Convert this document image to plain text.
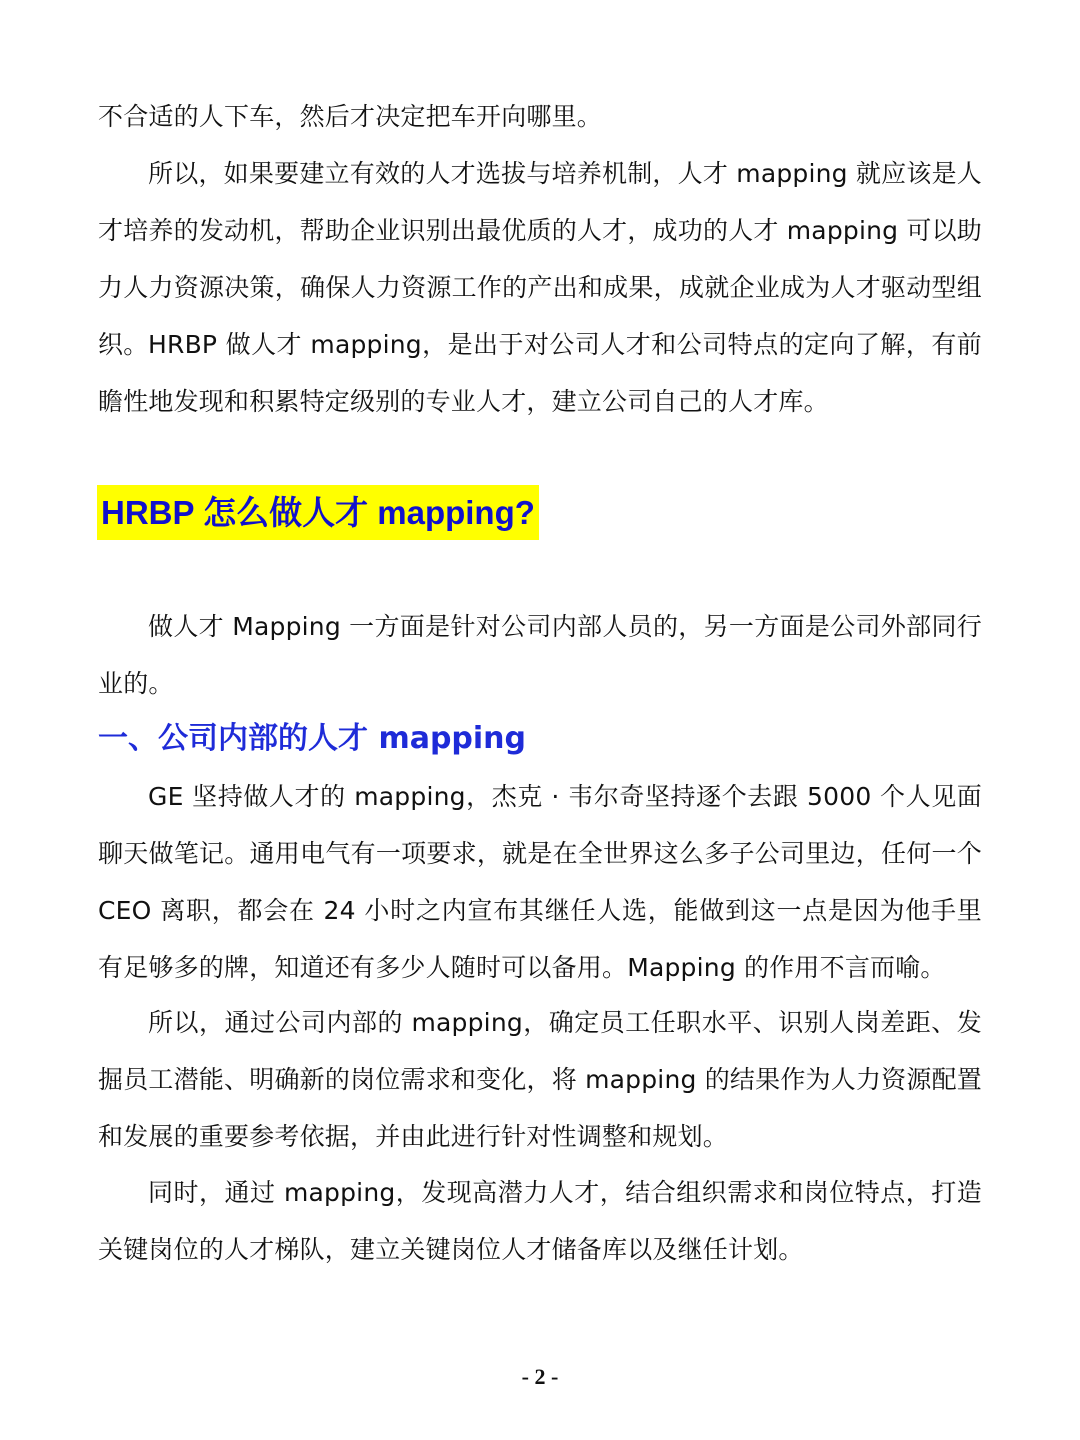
不合适的人下车，然后才决定把车开向哪里。

所以，如果要建立有效的人才选拔与培养机制，人才 mapping 就应该是人才培养的发动机，帮助企业识别出最优质的人才，成功的人才 mapping 可以助力人力资源决策，确保人力资源工作的产出和成果，成就企业成为人才驱动型组织。 HRBP 做人才 mapping，是出于对公司人才和公司特点的定向了解，有前瞻性地发现和积累特定级别的专业人才，建立公司自己的人才库。

HRBP 怎么做人才 mapping?

做人才 Mapping 一方面是针对公司内部人员的，另一方面是公司外部同行业的。

一、公司内部的人才 mapping

GE 坚持做人才的 mapping，杰克 · 韦尔奇坚持逐个去跟 5000 个人见面聊天做笔记。通用电气有一项要求，就是在全世界这么多子公司里边，任何一个 CEO 离职，都会在 24 小时之内宣布其继任人选，能做到这一点是因为他手里有足够多的牌，知道还有多少人随时可以备用。Mapping 的作用不言而喻。

所以，通过公司内部的 mapping，确定员工任职水平、识别人岗差距、发掘员工潜能、明确新的岗位需求和变化，将 mapping 的结果作为人力资源配置和发展的重要参考依据，并由此进行针对性调整和规划。

同时，通过 mapping，发现高潜力人才，结合组织需求和岗位特点，打造关键岗位的人才梯队，建立关键岗位人才储备库以及继任计划。

- 2 -
